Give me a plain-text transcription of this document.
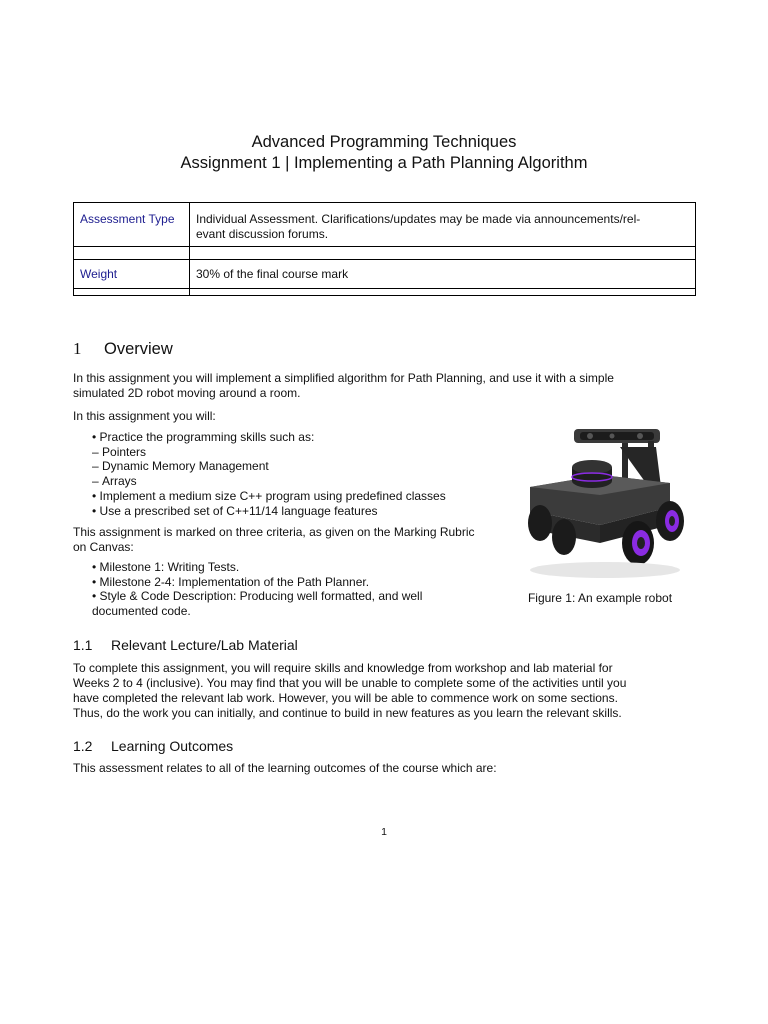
Advanced Programming Techniques
Assignment 1 | Implementing a Path Planning Algorithm
Assessment Type	Individual Assessment. Clarifications/updates may be made via announcements/rel-
evant discussion forums.

Weight	30% of the final course mark

1 Overview
In this assignment you will implement a simplified algorithm for Path Planning, and use it with a simple
simulated 2D robot moving around a room.
In this assignment you will:
• Practice the programming skills such as:
– Pointers
– Dynamic Memory Management
– Arrays
• Implement a medium size C++ program using predefined classes
• Use a prescribed set of C++11/14 language features
This assignment is marked on three criteria, as given on the Marking Rubric
on Canvas:
• Milestone 1: Writing Tests.
• Milestone 2-4: Implementation of the Path Planner.
• Style & Code Description: Producing well formatted, and well
documented code.
Figure 1: An example robot
1.1 Relevant Lecture/Lab Material
To complete this assignment, you will require skills and knowledge from workshop and lab material for
Weeks 2 to 4 (inclusive). You may find that you will be unable to complete some of the activities until you
have completed the relevant lab work. However, you will be able to commence work on some sections.
Thus, do the work you can initially, and continue to build in new features as you learn the relevant skills.
1.2 Learning Outcomes
This assessment relates to all of the learning outcomes of the course which are:
1
